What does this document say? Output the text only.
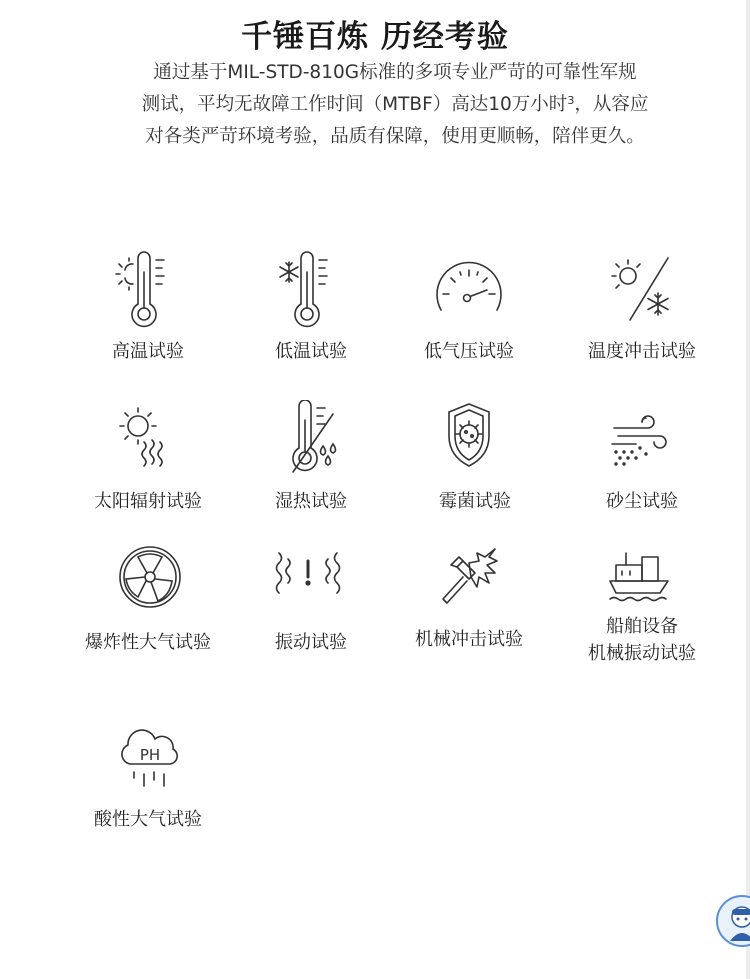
千锤百炼 历经考验
通过基于MIL-STD-810G标准的多项专业严苛的可靠性军规
测试，平均无故障工作时间（MTBF）高达10万小时$^3$，从容应
对各类严苛环境考验，品质有保障，使用更顺畅，陪伴更久。
高温试验	低温试验	低气压试验	温度冲击试验
太阳辐射试验	湿热试验	霉菌试验	砂尘试验
爆炸性大气试验	振动试验	机械冲击试验
船舶设备
机械振动试验
PH
酸性大气试验
